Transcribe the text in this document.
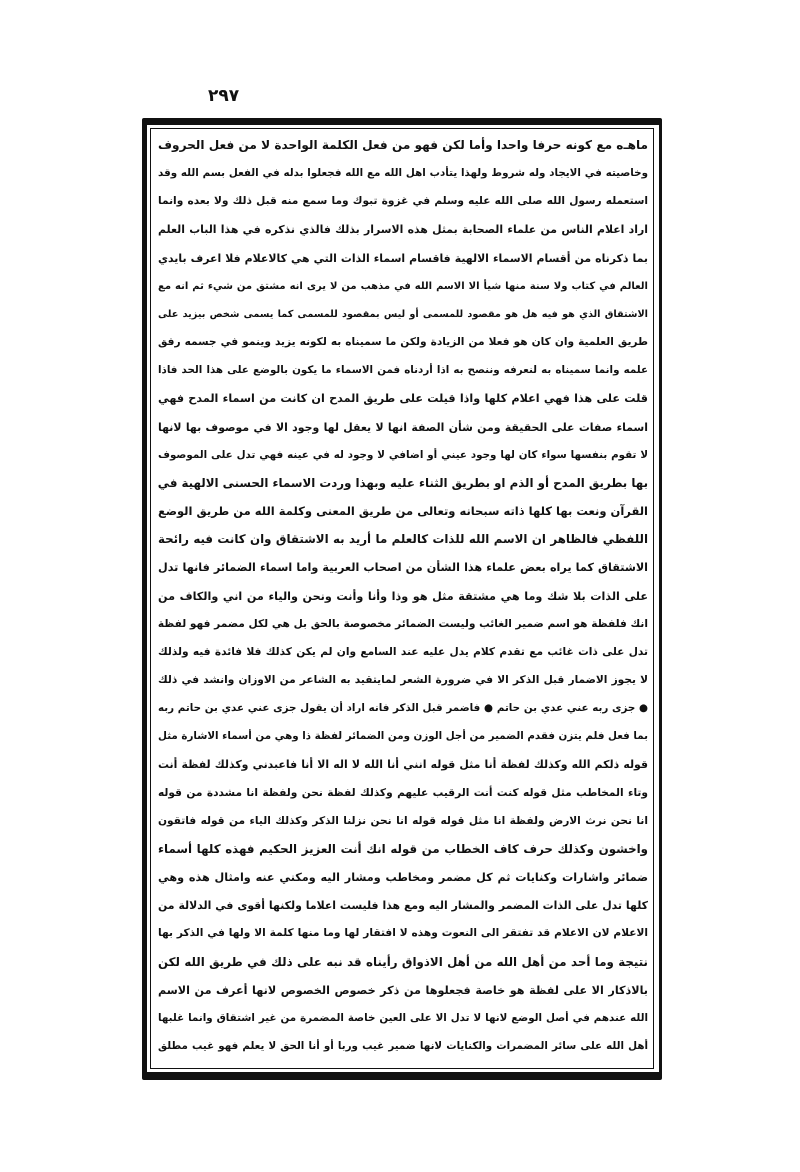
۲۹۷
ما‌هـ‌ه مع كونه حرفا واحدا وأما لكن فهو من فعل الكلمة الواحدة لا من فعل الحروف
وخاصيته في الايجاد وله شروط ولهذا يتأدب اهل الله مع الله فجعلوا بدله في الفعل بسم الله وقد
استعمله رسول الله صلى الله عليه وسلم في غزوة تبوك وما سمع منه قبل ذلك ولا بعده وانما
اراد اعلام الناس من علماء الصحابة بمثل هذه الاسرار بذلك فالذي نذكره في هذا الباب العلم
بما ذكرناه من أقسام الاسماء الالهية فاقسام اسماء الذات التي هي كالاعلام فلا اعرف بايدي
العالم في كتاب ولا سنة منها شيأ الا الاسم الله في مذهب من لا يرى انه مشتق من شيء ثم انه مع
الاشتقاق الذي هو فيه هل هو مقصود للمسمى أو ليس بمقصود للمسمى كما يسمى شخص بيزيد على
طريق العلمية وان كان هو فعلا من الزيادة ولكن ما سميناه به لكونه يزيد وينمو في جسمه رفق
علمه وانما سميناه به لنعرفه وننصح به اذا أردناه فمن الاسماء ما يكون بالوضع على هذا الحد فاذا
قلت على هذا فهي اعلام كلها واذا قيلت على طريق المدح ان كانت من اسماء المدح فهي
اسماء صفات على الحقيقة ومن شأن الصفة انها لا يعقل لها وجود الا في موصوف بها لانها
لا تقوم بنفسها سواء كان لها وجود عيني أو اضافي لا وجود له في عينه فهي تدل على الموصوف
بها بطريق المدح أو الذم او بطريق الثناء عليه وبهذا وردت الاسماء الحسنى الالهية في
القرآن ونعت بها كلها ذاته سبحانه وتعالى من طريق المعنى وكلمة الله من طريق الوضع
اللفظي فالظاهر ان الاسم الله للذات كالعلم ما أريد به الاشتقاق وان كانت فيه رائحة
الاشتقاق كما يراه بعض علماء هذا الشأن من اصحاب العربية واما اسماء الضمائر فانها تدل
على الذات بلا شك وما هي مشتقة مثل هو وذا وأنا وأنت ونحن والياء من اني والكاف من
انك فلفظة هو اسم ضمير الغائب وليست الضمائر مخصوصة بالحق بل هي لكل مضمر فهو لفظة
تدل على ذات غائب مع تقدم كلام يدل عليه عند السامع وان لم يكن كذلك فلا فائدة فيه ولذلك
لا يجوز الاضمار قبل الذكر الا في ضرورة الشعر لمايتقيد به الشاعر من الاوزان وانشد في ذلك
● جزى ربه عني عدي بن حاتم ● فاضمر قبل الذكر فانه اراد أن يقول جزى عني عدي بن حاتم ربه
بما فعل فلم يتزن فقدم الضمير من أجل الوزن ومن الضمائر لفظة ذا وهي من أسماء الاشارة مثل
قوله ذلكم الله وكذلك لفظة أنا مثل قوله انني أنا الله لا اله الا أنا فاعبدني وكذلك لفظة أنت
وتاء المخاطب مثل قوله كنت أنت الرقيب عليهم وكذلك لفظة نحن ولفظة انا مشددة من قوله
انا نحن نرث الارض ولفظة انا مثل قوله قوله انا نحن نزلنا الذكر وكذلك الياء من قوله فاتقون
واخشون وكذلك حرف كاف الخطاب من قوله انك أنت العزيز الحكيم فهذه كلها أسماء
ضمائر واشارات وكنايات ثم كل مضمر ومخاطب ومشار اليه ومكني عنه وامثال هذه وهي
كلها تدل على الذات المضمر والمشار اليه ومع هذا فليست اعلاما ولكنها أقوى في الدلالة من
الاعلام لان الاعلام قد تفتقر الى النعوت وهذه لا افتقار لها وما منها كلمة الا ولها في الذكر بها
نتيجة وما أحد من أهل الله من أهل الاذواق رأيناه قد نبه على ذلك في طريق الله لكن
بالاذكار الا على لفظة هو خاصة فجعلوها من ذكر خصوص الخصوص لانها أعرف من الاسم
الله عندهم في أصل الوضع لانها لا تدل الا على العين خاصة المضمرة من غير اشتقاق وانما غلبها
أهل الله على سائر المضمرات والكنايات لانها ضمير غيب وربا أو أنا الحق لا يعلم فهو غيب مطلق
